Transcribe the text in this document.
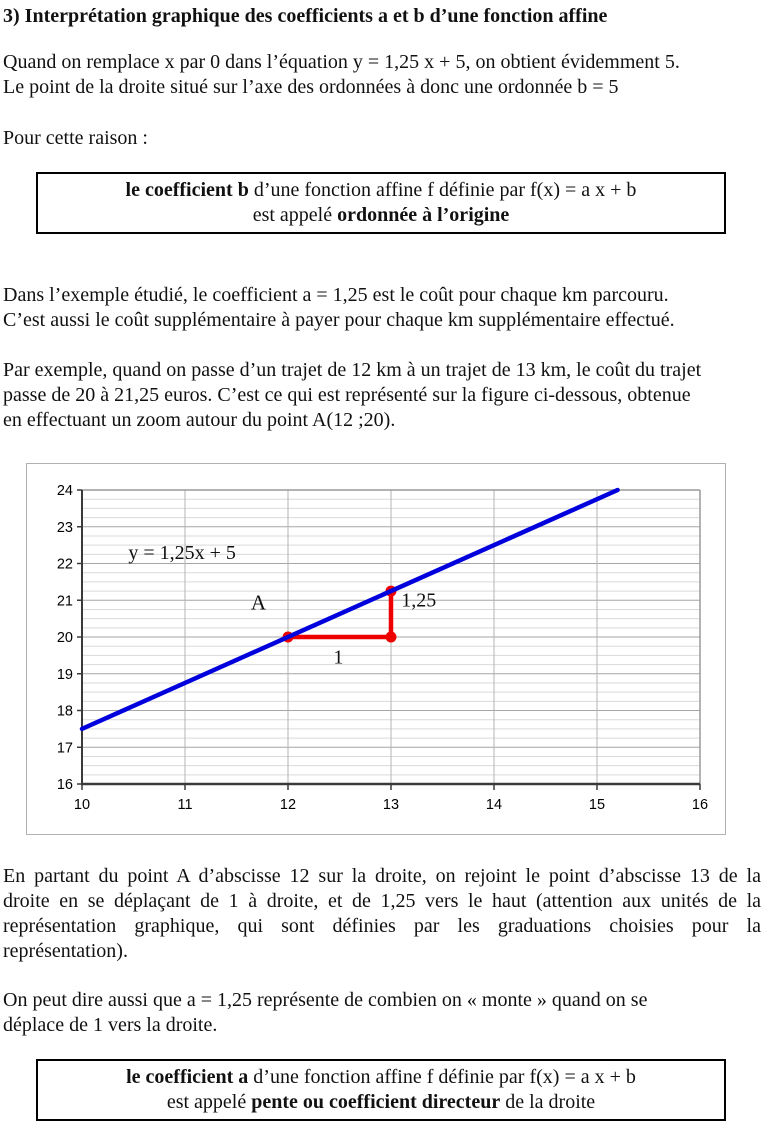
3) Interprétation graphique des coefficients a et b d’une fonction affine
Quand on remplace x par 0 dans l’équation y = 1,25 x + 5, on obtient évidemment 5.
Le point de la droite situé sur l’axe des ordonnées à donc une ordonnée b = 5
Pour cette raison :
le coefficient b d’une fonction affine f définie par f(x) = a x + b
est appelé ordonnée à l’origine
Dans l’exemple étudié, le coefficient a = 1,25 est le coût pour chaque km parcouru.
C’est aussi le coût supplémentaire à payer pour chaque km supplémentaire effectué.
Par exemple, quand on passe d’un trajet de 12 km à un trajet de 13 km, le coût du trajet
passe de 20 à 21,25 euros. C’est ce qui est représenté sur la figure ci-dessous, obtenue
en effectuant un zoom autour du point A(12 ;20).
16
17
18
19
20
21
22
23
24
10	11	12	13	14	15	16
y = 1,25x + 5
A	1,25
1
En partant du point A d’abscisse 12 sur la droite, on rejoint le point d’abscisse 13 de la
droite en se déplaçant de 1 à droite, et de 1,25 vers le haut (attention aux unités de la
représentation graphique, qui sont définies par les graduations choisies pour la
représentation).
On peut dire aussi que a = 1,25 représente de combien on « monte » quand on se
déplace de 1 vers la droite.
le coefficient a d’une fonction affine f définie par f(x) = a x + b
est appelé pente ou coefficient directeur de la droite
